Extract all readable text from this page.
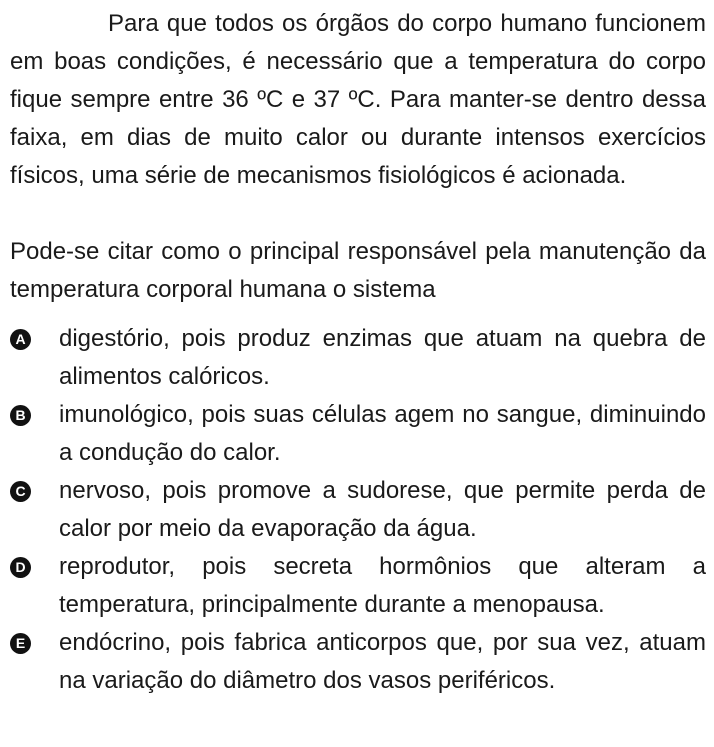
Para que todos os órgãos do corpo humano funcionem em boas condições, é necessário que a temperatura do corpo fique sempre entre 36 ºC e 37 ºC. Para manter-se dentro dessa faixa, em dias de muito calor ou durante intensos exercícios físicos, uma série de mecanismos fisiológicos é acionada.

Pode-se citar como o principal responsável pela manutenção da temperatura corporal humana o sistema

A digestório, pois produz enzimas que atuam na quebra de alimentos calóricos.
B imunológico, pois suas células agem no sangue, diminuindo a condução do calor.
C nervoso, pois promove a sudorese, que permite perda de calor por meio da evaporação da água.
D reprodutor, pois secreta hormônios que alteram a temperatura, principalmente durante a menopausa.
E endócrino, pois fabrica anticorpos que, por sua vez, atuam na variação do diâmetro dos vasos periféricos.
